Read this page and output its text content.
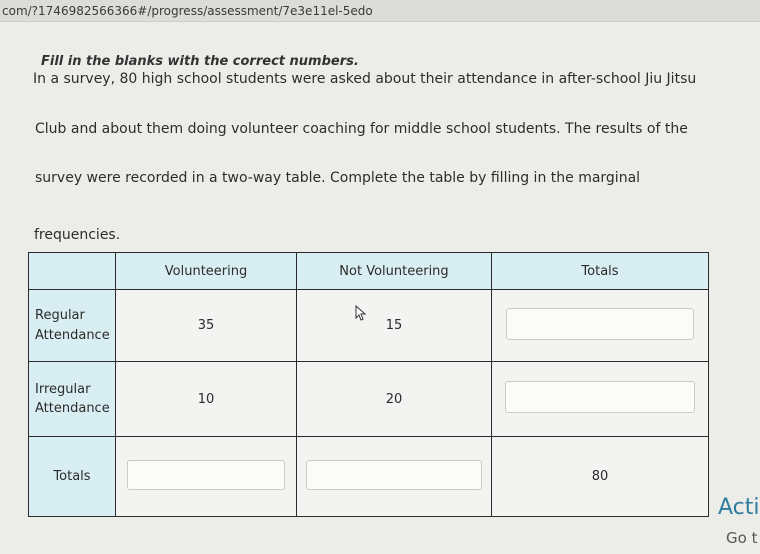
com/?1746982566366#/progress/assessment/7e3e11el-5edo
Fill in the blanks with the correct numbers.
In a survey, 80 high school students were asked about their attendance in after-school Jiu Jitsu
Club and about them doing volunteer coaching for middle school students. The results of the
survey were recorded in a two-way table. Complete the table by filling in the marginal
frequencies.
	Volunteering	Not Volunteering	Totals

Regular
Attendance	35	15	

Irregular
Attendance	10	20	

Totals			80
Acti
Go t
